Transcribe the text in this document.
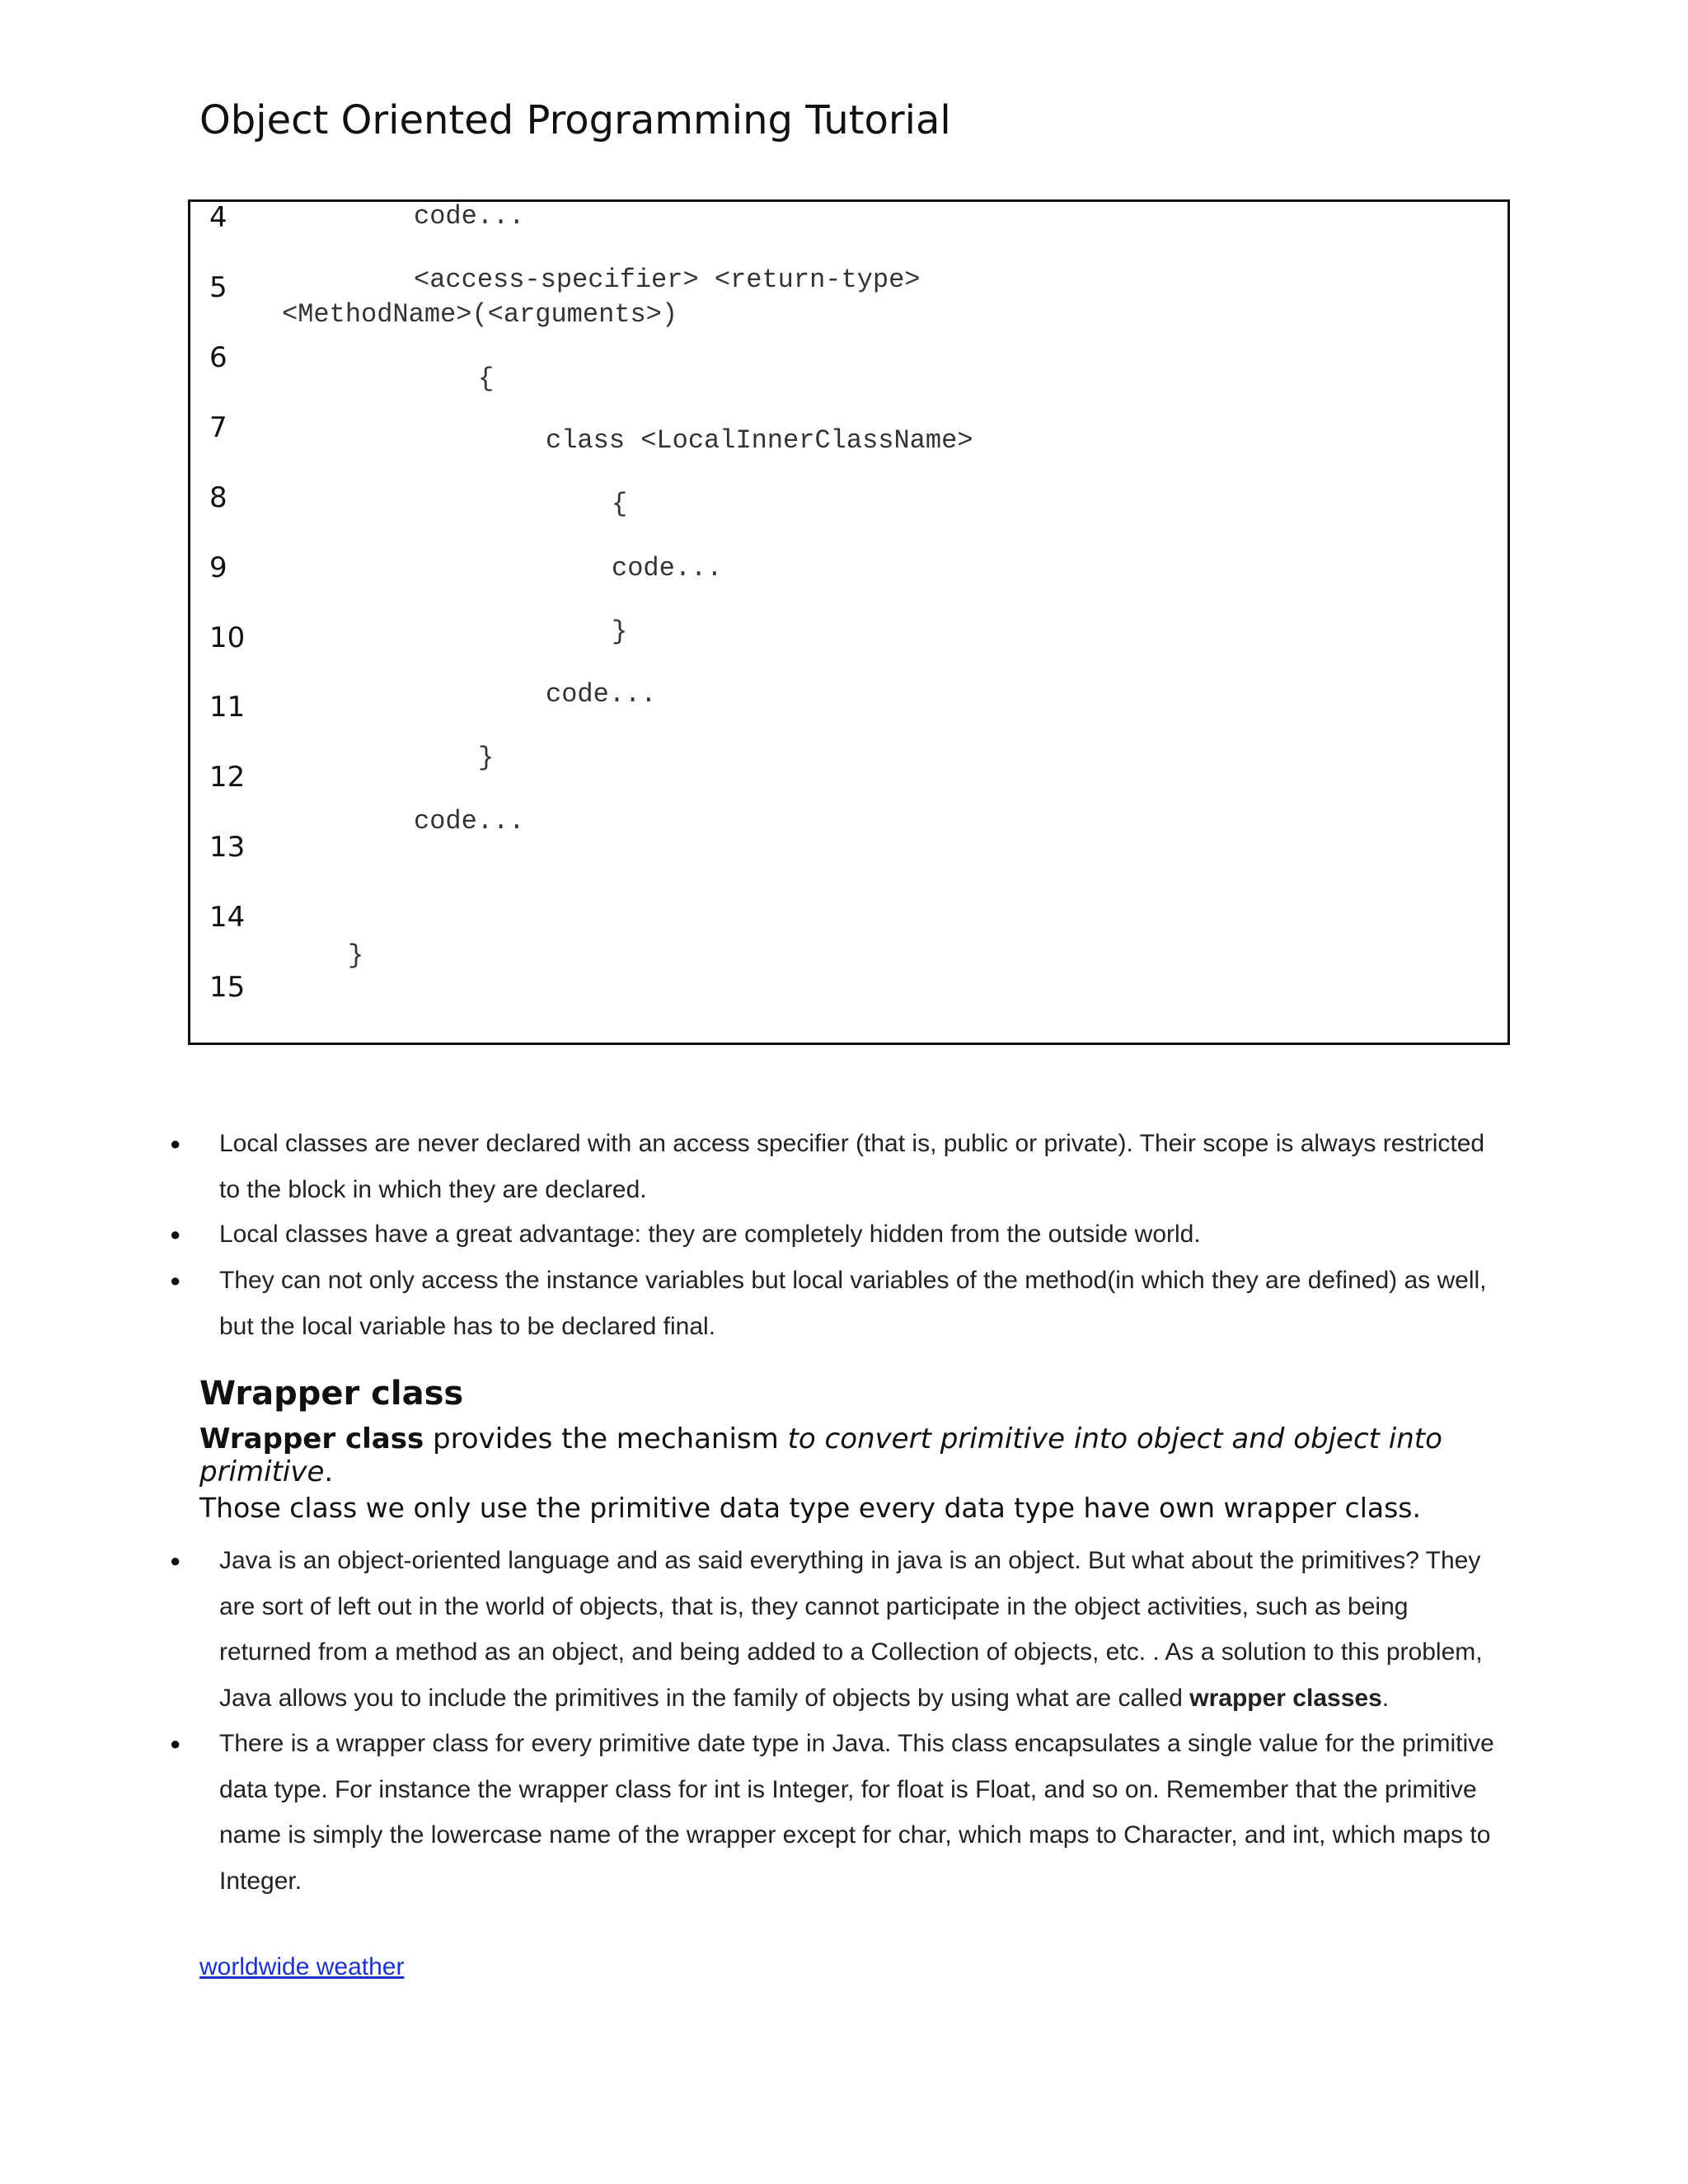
Object Oriented Programming Tutorial
4
5
6
7
8
9
10
11
12
13
14
15
code...
<access-specifier> <return-type>
<MethodName>(<arguments>)
{
class <LocalInnerClassName>
{
code...
}
code...
}
code...
}
● Local classes are never declared with an access specifier (that is, public or private). Their scope is always restricted to the block in which they are declared.

● Local classes have a great advantage: they are completely hidden from the outside world.

● They can not only access the instance variables but local variables of the method(in which they are defined) as well, but the local variable has to be declared final.

Wrapper class

Wrapper class provides the mechanism to convert primitive into object and object into primitive.

Those class we only use the primitive data type every data type have own wrapper class.

● Java is an object-oriented language and as said everything in java is an object. But what about the primitives? They are sort of left out in the world of objects, that is, they cannot participate in the object activities, such as being returned from a method as an object, and being added to a Collection of objects, etc. . As a solution to this problem, Java allows you to include the primitives in the family of objects by using what are called wrapper classes.

● There is a wrapper class for every primitive date type in Java. This class encapsulates a single value for the primitive data type. For instance the wrapper class for int is Integer, for float is Float, and so on. Remember that the primitive name is simply the lowercase name of the wrapper except for char, which maps to Character, and int, which maps to Integer.

worldwide weather
